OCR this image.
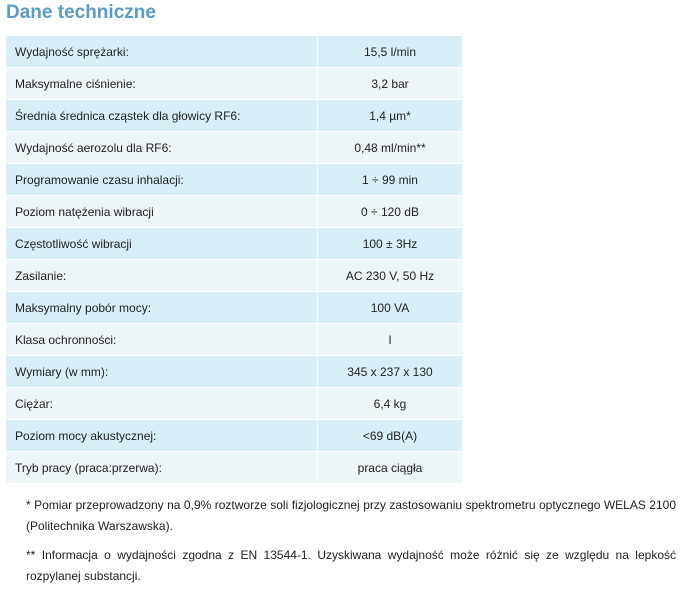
Dane techniczne
Wydajność sprężarki:	15,5 l/min
Maksymalne ciśnienie:	3,2 bar
Średnia średnica cząstek dla głowicy RF6:	1,4 µm*
Wydajność aerozolu dla RF6:	0,48 ml/min**
Programowanie czasu inhalacji:	1 ÷ 99 min
Poziom natężenia wibracji	0 ÷ 120 dB
Częstotliwość wibracji	100 ± 3Hz
Zasilanie:	AC 230 V, 50 Hz
Maksymalny pobór mocy:	100 VA
Klasa ochronności:	I
Wymiary (w mm):	345 x 237 x 130
Ciężar:	6,4 kg
Poziom mocy akustycznej:	<69 dB(A)
Tryb pracy (praca:przerwa):	praca ciągła

* Pomiar przeprowadzony na 0,9% roztworze soli fizjologicznej przy zastosowaniu spektrometru optycznego WELAS 2100 (Politechnika Warszawska).

** Informacja o wydajności zgodna z EN 13544-1. Uzyskiwana wydajność może różnić się ze względu na lepkość rozpylanej substancji.
